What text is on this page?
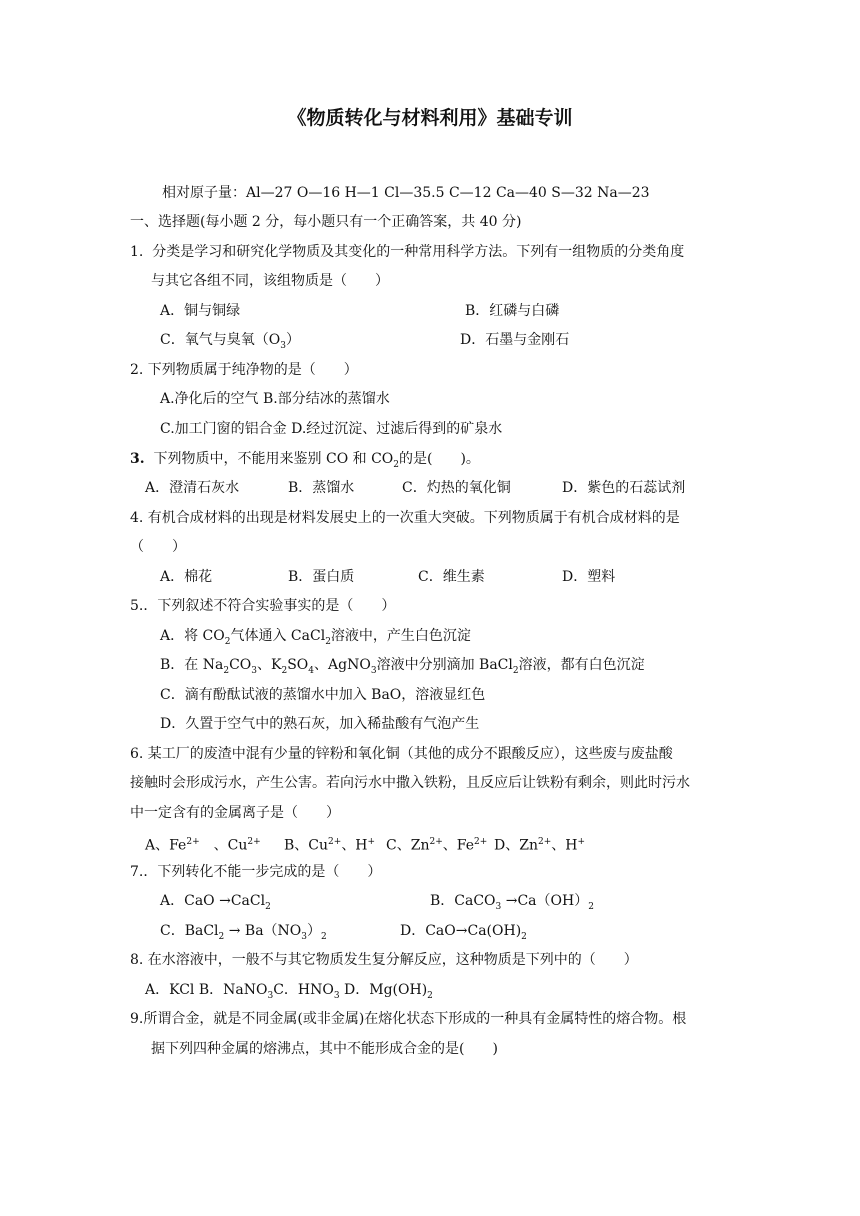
《物质转化与材料利用》基础专训
相对原子量：Al—27 O—16 H—1 Cl—35.5 C—12 Ca—40 S—32 Na—23
一、选择题(每小题 2 分，每小题只有一个正确答案，共 40 分)
1. 分类是学习和研究化学物质及其变化的一种常用科学方法。下列有一组物质的分类角度
与其它各组不同，该组物质是（　　）
A．铜与铜绿	B．红磷与白磷
C．氧气与臭氧$(O_3)$	D．石墨与金刚石
2. 下列物质属于纯净物的是（　　）
A.净化后的空气 B.部分结冰的蒸馏水
C.加工门窗的铝合金 D.经过沉淀、过滤后得到的矿泉水
3. 下列物质中，不能用来鉴别 CO 和 $CO_2$的是(　　)。
A．澄清石灰水	B．蒸馏水	C．灼热的氧化铜	D．紫色的石蕊试剂
4. 有机合成材料的出现是材料发展史上的一次重大突破。下列物质属于有机合成材料的是
（　　）
A．棉花	B．蛋白质	C．维生素	D．塑料
5.．下列叙述不符合实验事实的是（　　）
A．将 $CO_2$气体通入 CaCl$_2$溶液中，产生白色沉淀
B．在 $Na_2CO_3$、$K_2SO_4$、AgNO$_3$溶液中分别滴加 BaCl$_2$溶液，都有白色沉淀
C．滴有酚酞试液的蒸馏水中加入 BaO，溶液显红色
D．久置于空气中的熟石灰，加入稀盐酸有气泡产生
6. 某工厂的废渣中混有少量的锌粉和氧化铜（其他的成分不跟酸反应），这些废与废盐酸
接触时会形成污水，产生公害。若向污水中撒入铁粉，且反应后让铁粉有剩余，则此时污水
中一定含有的金属离子是（　　）
A、$Fe^{2+}$　、$Cu^{2+}$ B、$Cu^{2+}$、H+ C、$Zn^{2+}$、$Fe^{2+}$ D、$Zn^{2+}$、H+
7.．下列转化不能一步完成的是（　　）
A．CaO →CaCl$_2$	B．CaCO$_3$ $\to Ca(OH)_2$
C．BaCl$_2$ → $Ba(NO_3)_2$	D．$CaO\to Ca(OH)_2$
8. 在水溶液中，一般不与其它物质发生复分解反应，这种物质是下列中的（　　）
A．KCl B．NaNO$_3$C．$HNO_3$ D．$Mg(OH)_2$
9.所谓合金，就是不同金属(或非金属)在熔化状态下形成的一种具有金属特性的熔合物。根
据下列四种金属的熔沸点，其中不能形成合金的是(　　)
